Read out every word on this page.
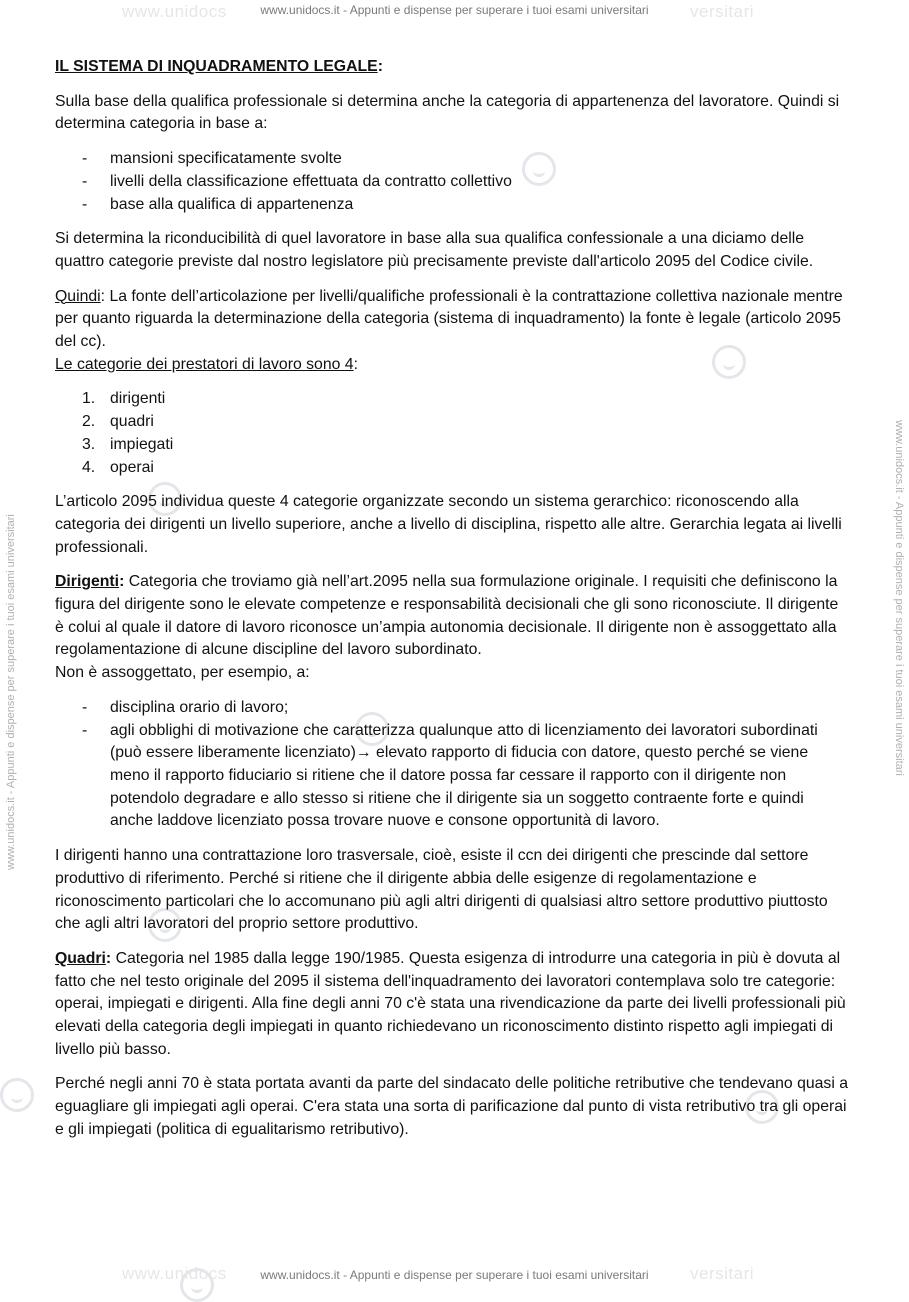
www.unidocs	versitari
www.unidocs.it - Appunti e dispense per superare i tuoi esami universitari
www.unidocs	versitari
www.unidocs.it - Appunti e dispense per superare i tuoi esami universitari
www.unidocs.it - Appunti e dispense per superare i tuoi esami universitari	www.unidocs.it - Appunti e dispense per superare i tuoi esami universitari

IL SISTEMA DI INQUADRAMENTO LEGALE:

Sulla base della qualifica professionale si determina anche la categoria di appartenenza del lavoratore. Quindi si determina categoria in base a:

- mansioni specificatamente svolte
- livelli della classificazione effettuata da contratto collettivo
- base alla qualifica di appartenenza

Si determina la riconducibilità di quel lavoratore in base alla sua qualifica confessionale a una diciamo delle quattro categorie previste dal nostro legislatore più precisamente previste dall'articolo 2095 del Codice civile.

Quindi: La fonte dell’articolazione per livelli/qualifiche professionali è la contrattazione collettiva nazionale mentre per quanto riguarda la determinazione della categoria (sistema di inquadramento) la fonte è legale (articolo 2095 del cc).

Le categorie dei prestatori di lavoro sono 4:

1. dirigenti
2. quadri
3. impiegati
4. operai

L’articolo 2095 individua queste 4 categorie organizzate secondo un sistema gerarchico: riconoscendo alla categoria dei dirigenti un livello superiore, anche a livello di disciplina, rispetto alle altre. Gerarchia legata ai livelli professionali.

Dirigenti: Categoria che troviamo già nell’art.2095 nella sua formulazione originale. I requisiti che definiscono la figura del dirigente sono le elevate competenze e responsabilità decisionali che gli sono riconosciute. Il dirigente è colui al quale il datore di lavoro riconosce un’ampia autonomia decisionale. Il dirigente non è assoggettato alla regolamentazione di alcune discipline del lavoro subordinato.

Non è assoggettato, per esempio, a:

- disciplina orario di lavoro;
- agli obblighi di motivazione che caratterizza qualunque atto di licenziamento dei lavoratori subordinati (può essere liberamente licenziato)→ elevato rapporto di fiducia con datore, questo perché se viene meno il rapporto fiduciario si ritiene che il datore possa far cessare il rapporto con il dirigente non potendolo degradare e allo stesso si ritiene che il dirigente sia un soggetto contraente forte e quindi anche laddove licenziato possa trovare nuove e consone opportunità di lavoro.

I dirigenti hanno una contrattazione loro trasversale, cioè, esiste il ccn dei dirigenti che prescinde dal settore produttivo di riferimento. Perché si ritiene che il dirigente abbia delle esigenze di regolamentazione e riconoscimento particolari che lo accomunano più agli altri dirigenti di qualsiasi altro settore produttivo piuttosto che agli altri lavoratori del proprio settore produttivo.

Quadri: Categoria nel 1985 dalla legge 190/1985. Questa esigenza di introdurre una categoria in più è dovuta al fatto che nel testo originale del 2095 il sistema dell'inquadramento dei lavoratori contemplava solo tre categorie: operai, impiegati e dirigenti. Alla fine degli anni 70 c'è stata una rivendicazione da parte dei livelli professionali più elevati della categoria degli impiegati in quanto richiedevano un riconoscimento distinto rispetto agli impiegati di livello più basso.

Perché negli anni 70 è stata portata avanti da parte del sindacato delle politiche retributive che tendevano quasi a eguagliare gli impiegati agli operai. C'era stata una sorta di parificazione dal punto di vista retributivo tra gli operai e gli impiegati (politica di egualitarismo retributivo).
